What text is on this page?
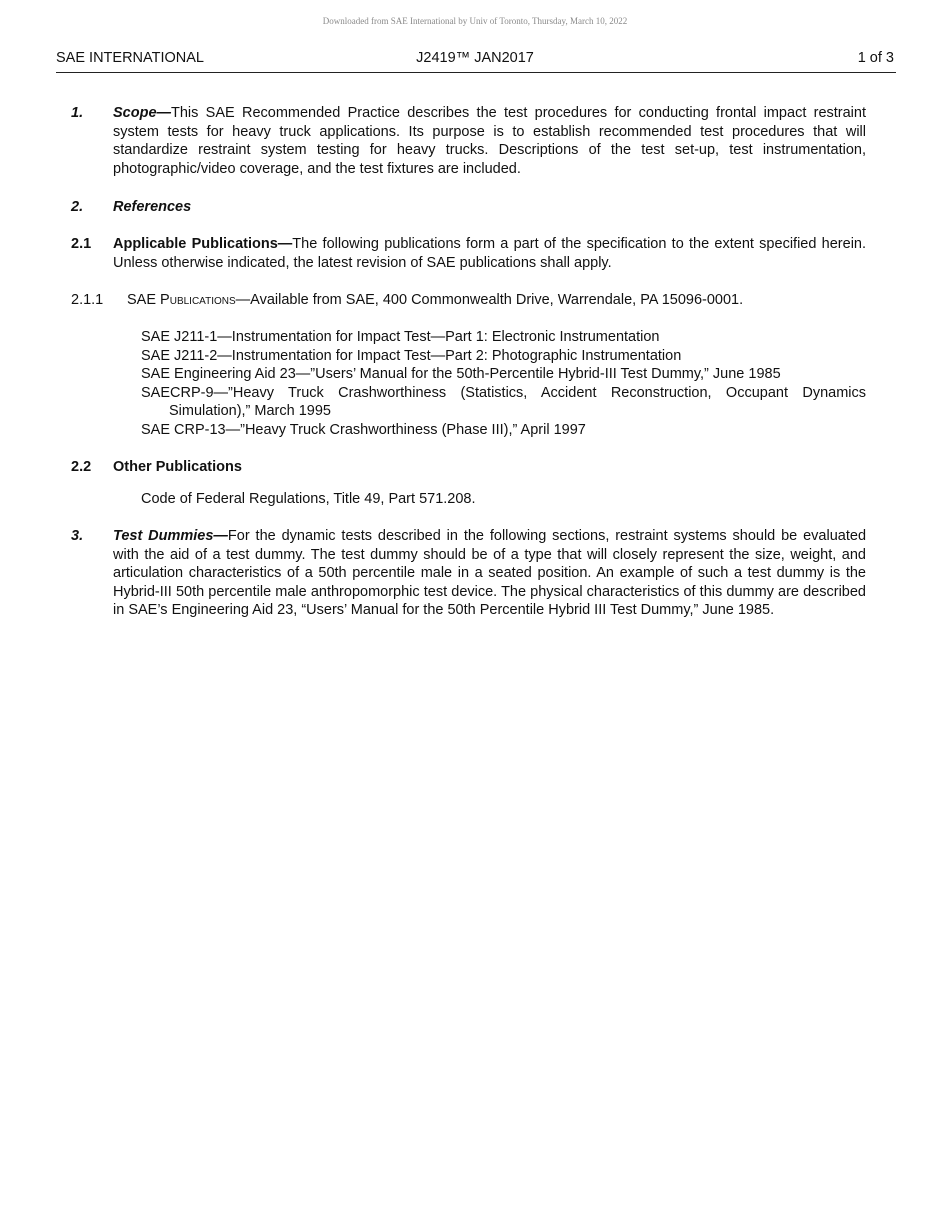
Downloaded from SAE International by Univ of Toronto, Thursday, March 10, 2022
SAE INTERNATIONAL	J2419™ JAN2017	1 of 3
1. Scope—This SAE Recommended Practice describes the test procedures for conducting frontal impact restraint system tests for heavy truck applications. Its purpose is to establish recommended test procedures that will standardize restraint system testing for heavy trucks. Descriptions of the test set-up, test instrumentation, photographic/video coverage, and the test fixtures are included.
2. References
2.1 Applicable Publications—The following publications form a part of the specification to the extent specified herein. Unless otherwise indicated, the latest revision of SAE publications shall apply.
2.1.1 SAE Publications—Available from SAE, 400 Commonwealth Drive, Warrendale, PA 15096-0001.
SAE J211-1—Instrumentation for Impact Test—Part 1: Electronic Instrumentation
SAE J211-2—Instrumentation for Impact Test—Part 2: Photographic Instrumentation
SAE Engineering Aid 23—”Users’ Manual for the 50th-Percentile Hybrid-III Test Dummy,” June 1985
SAECRP-9—”Heavy Truck Crashworthiness (Statistics, Accident Reconstruction, Occupant Dynamics Simulation),” March 1995
SAE CRP-13—”Heavy Truck Crashworthiness (Phase III),” April 1997
2.2 Other Publications
Code of Federal Regulations, Title 49, Part 571.208.
3. Test Dummies—For the dynamic tests described in the following sections, restraint systems should be evaluated with the aid of a test dummy. The test dummy should be of a type that will closely represent the size, weight, and articulation characteristics of a 50th percentile male in a seated position. An example of such a test dummy is the Hybrid-III 50th percentile male anthropomorphic test device. The physical characteristics of this dummy are described in SAE’s Engineering Aid 23, “Users’ Manual for the 50th Percentile Hybrid III Test Dummy,” June 1985.
